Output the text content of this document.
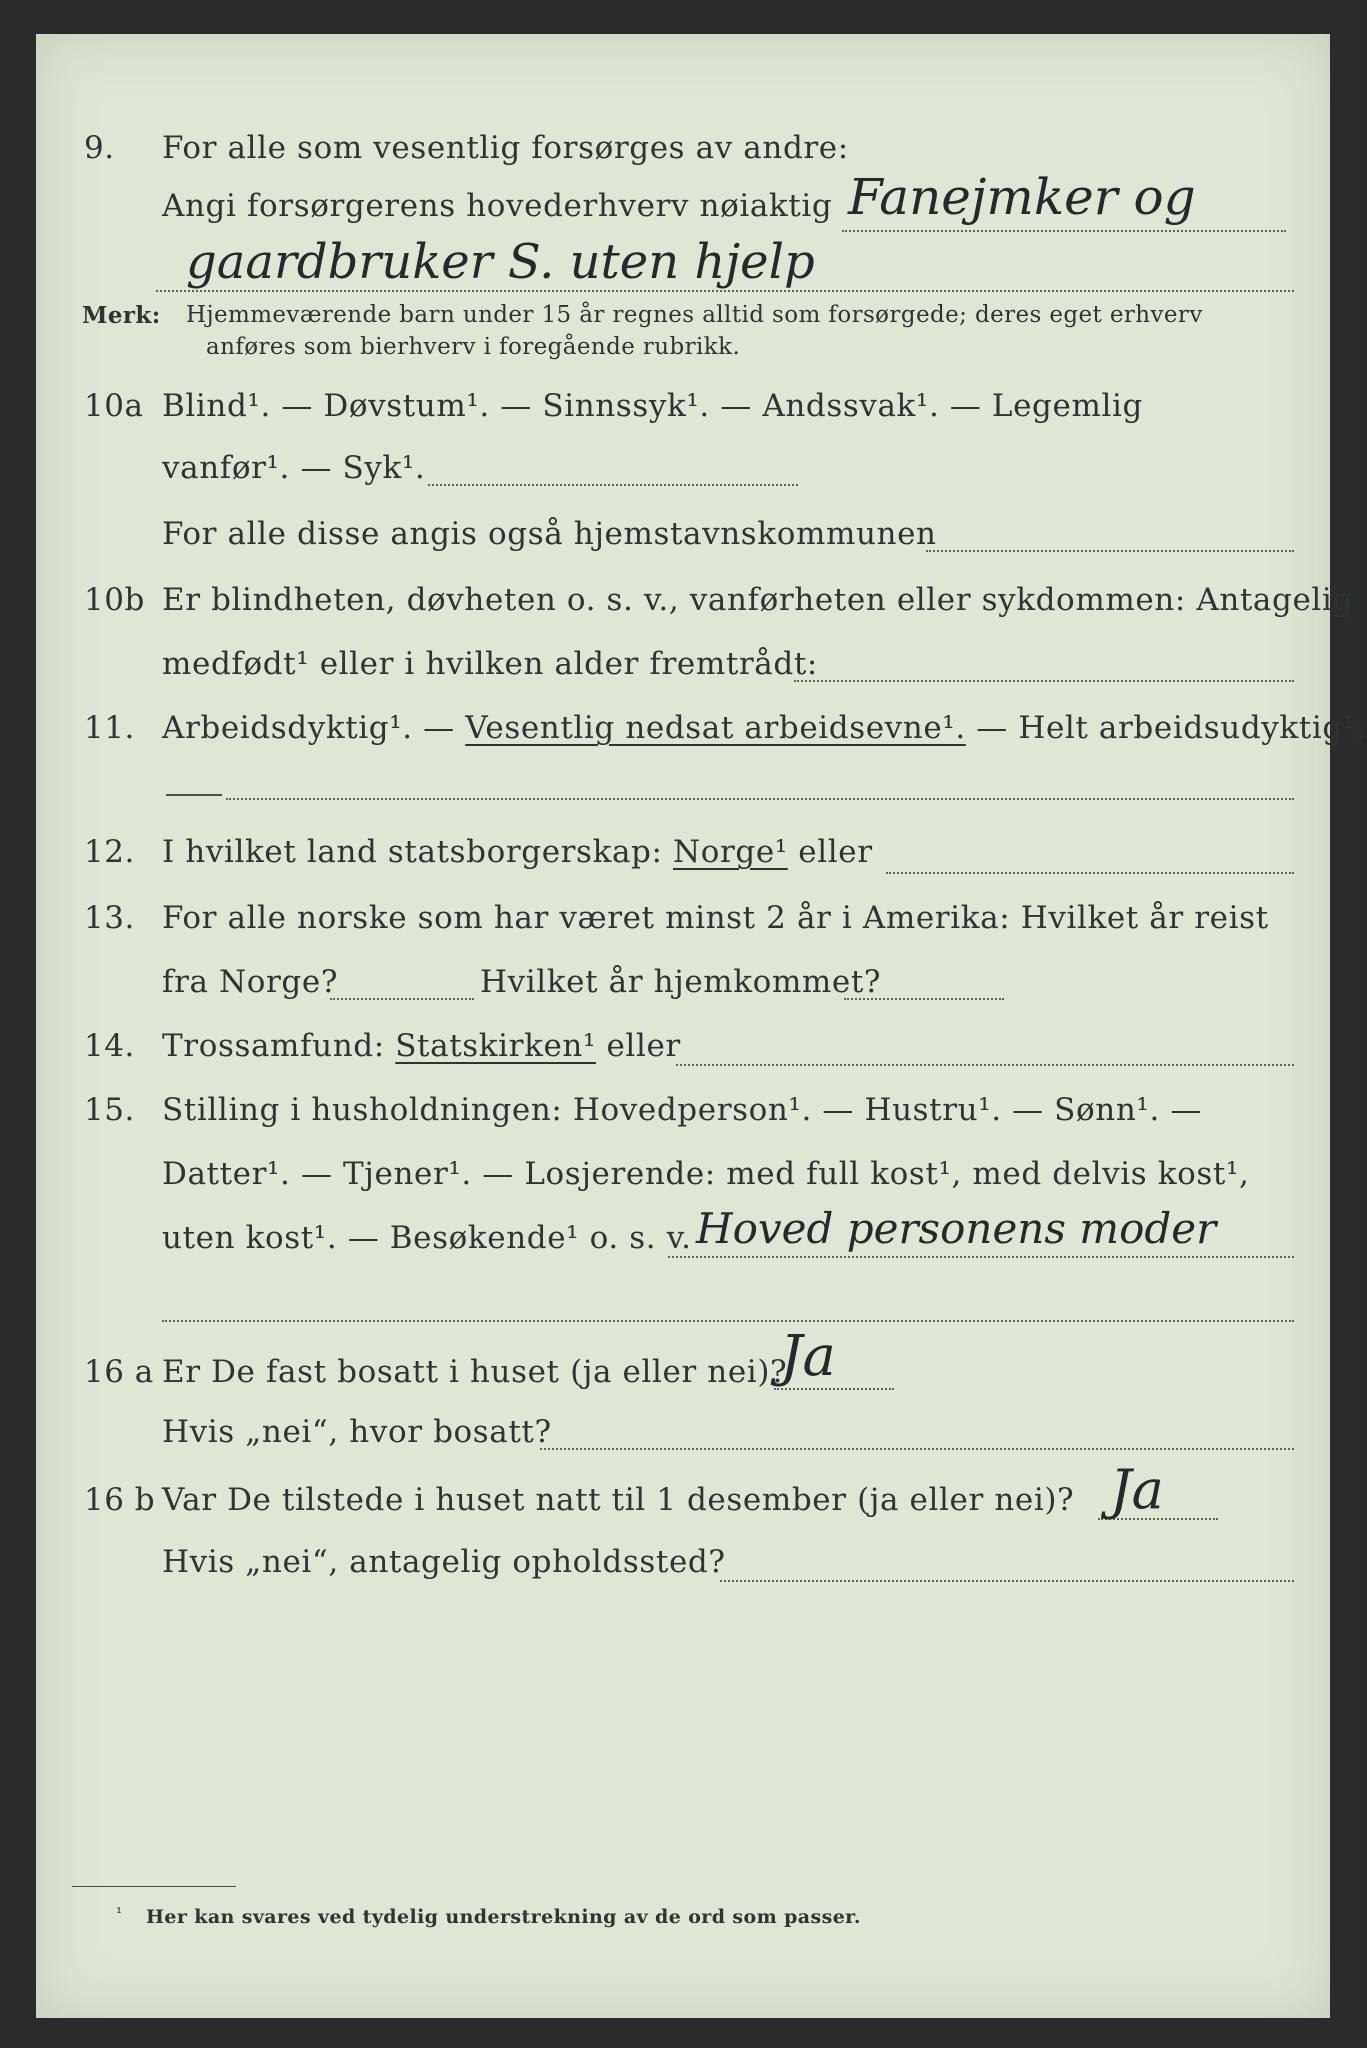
9. For alle som vesentlig forsørges av andre:
Angi forsørgerens hovederhverv nøiaktig Fanejmker og
gaardbruker S. uten hjelp
Merk: Hjemmeværende barn under 15 år regnes alltid som forsørgede; deres eget erhverv
anføres som bierhverv i foregående rubrikk.
10a Blind¹. — Døvstum¹. — Sinnssyk¹. — Andssvak¹. — Legemlig
vanfør¹. — Syk¹.
For alle disse angis også hjemstavnskommunen
10b Er blindheten, døvheten o. s. v., vanførheten eller sykdommen: Antagelig
medfødt¹ eller i hvilken alder fremtrådt:
11. Arbeidsdyktig¹. — Vesentlig nedsat arbeidsevne¹. — Helt arbeidsudyktig¹.
12. I hvilket land statsborgerskap: Norge¹ eller
13. For alle norske som har været minst 2 år i Amerika: Hvilket år reist
fra Norge?	Hvilket år hjemkommet?
14. Trossamfund: Statskirken¹ eller
15. Stilling i husholdningen: Hovedperson¹. — Hustru¹. — Sønn¹. —
Datter¹. — Tjener¹. — Losjerende: med full kost¹, med delvis kost¹,
uten kost¹. — Besøkende¹ o. s. v. Hoved personens moder
16 a Er De fast bosatt i huset (ja eller nei)?
Ja
Hvis „nei“, hvor bosatt?
16 b Var De tilstede i huset natt til 1 desember (ja eller nei)? Ja
Hvis „nei“, antagelig opholdssted?
¹ Her kan svares ved tydelig understrekning av de ord som passer.
